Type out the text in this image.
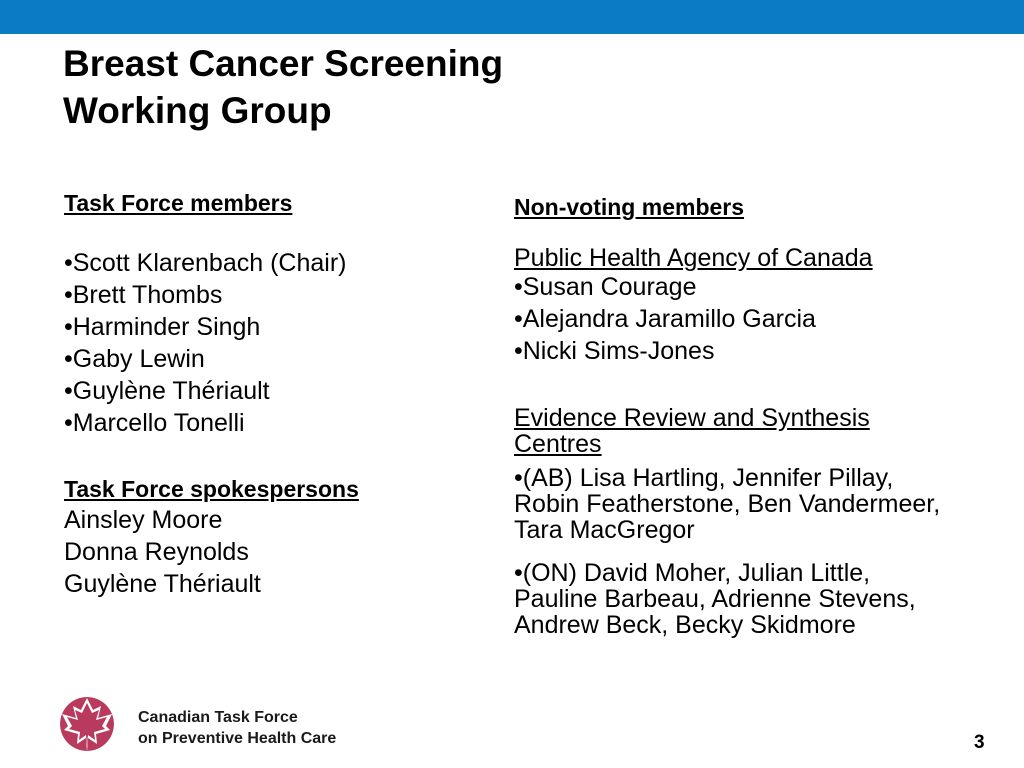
Breast Cancer Screening
Working Group

Task Force members

•Scott Klarenbach (Chair)
•Brett Thombs
•Harminder Singh
•Gaby Lewin
•Guylène Thériault
•Marcello Tonelli

Task Force spokespersons

Ainsley Moore
Donna Reynolds
Guylène Thériault

Non-voting members

Public Health Agency of Canada

•Susan Courage
•Alejandra Jaramillo Garcia
•Nicki Sims-Jones

Evidence Review and Synthesis
Centres

•(AB) Lisa Hartling, Jennifer Pillay,
Robin Featherstone, Ben Vandermeer,
Tara MacGregor
•(ON) David Moher, Julian Little,
Pauline Barbeau, Adrienne Stevens,
Andrew Beck, Becky Skidmore
Canadian Task Force
on Preventive Health Care	3
